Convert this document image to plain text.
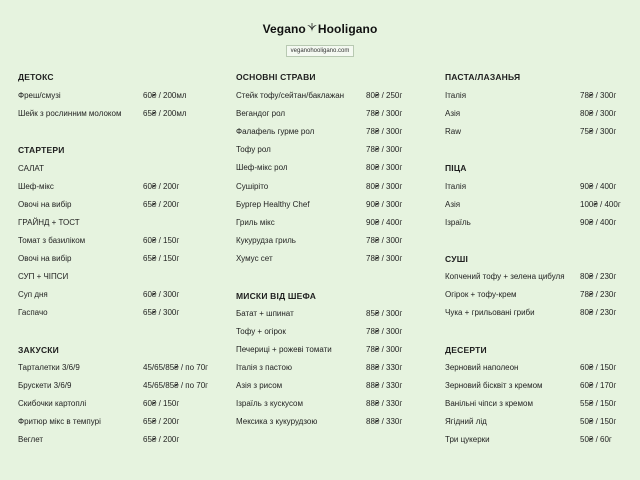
Vegano Hooligano

veganohooligano.com
ДЕТОКС
Фреш/смузі	60₴ / 200мл
Шейк з рослинним молоком	65₴ / 200мл
СТАРТЕРИ
САЛАТ
Шеф-мікс	60₴ / 200г
Овочі на вибір	65₴ / 200г
ГРАЙНД + ТОСТ
Томат з базиліком	60₴ / 150г
Овочі на вибір	65₴ / 150г
СУП + ЧІПСИ
Суп дня	60₴ / 300г
Гаспачо	65₴ / 300г
ЗАКУСКИ
Тарталетки 3/6/9	45/65/85₴ / по 70г
Брускети 3/6/9	45/65/85₴ / по 70г
Скибочки картоплі	60₴ / 150г
Фритюр мікс в темпурі	65₴ / 200г
Веглет	65₴ / 200г
ОСНОВНІ СТРАВИ
Стейк тофу/сейтан/баклажан	80₴ / 250г
Вегандог рол	78₴ / 300г
Фалафель гурме рол	78₴ / 300г
Тофу рол	78₴ / 300г
Шеф-мікс рол	80₴ / 300г
Сушіріто	80₴ / 300г
Бургер Healthy Chef	90₴ / 300г
Гриль мікс	90₴ / 400г
Кукурудза гриль	78₴ / 300г
Хумус сет	78₴ / 300г
МИСКИ ВІД ШЕФА
Батат + шпинат	85₴ / 300г
Тофу + огірок	78₴ / 300г
Печериці + рожеві томати	78₴ / 300г
Італія з пастою	88₴ / 330г
Азія з рисом	88₴ / 330г
Ізраїль з кускусом	88₴ / 330г
Мексика з кукурудзою	88₴ / 330г
ПАСТА/ЛАЗАНЬЯ
Італія	78₴ / 300г
Азія	80₴ / 300г
Raw	75₴ / 300г
ПІЦА
Італія	90₴ / 400г
Азія	100₴ / 400г
Ізраїль	90₴ / 400г
СУШІ
Копчений тофу + зелена цибуля 80₴ / 230г
Огірок + тофу-крем	78₴ / 230г
Чука + грильовані гриби	80₴ / 230г
ДЕСЕРТИ
Зерновий наполеон	60₴ / 150г
Зерновий бісквіт з кремом	60₴ / 170г
Ванільні чіпси з кремом	55₴ / 150г
Ягідний лід	50₴ / 150г
Три цукерки	50₴ / 60г
